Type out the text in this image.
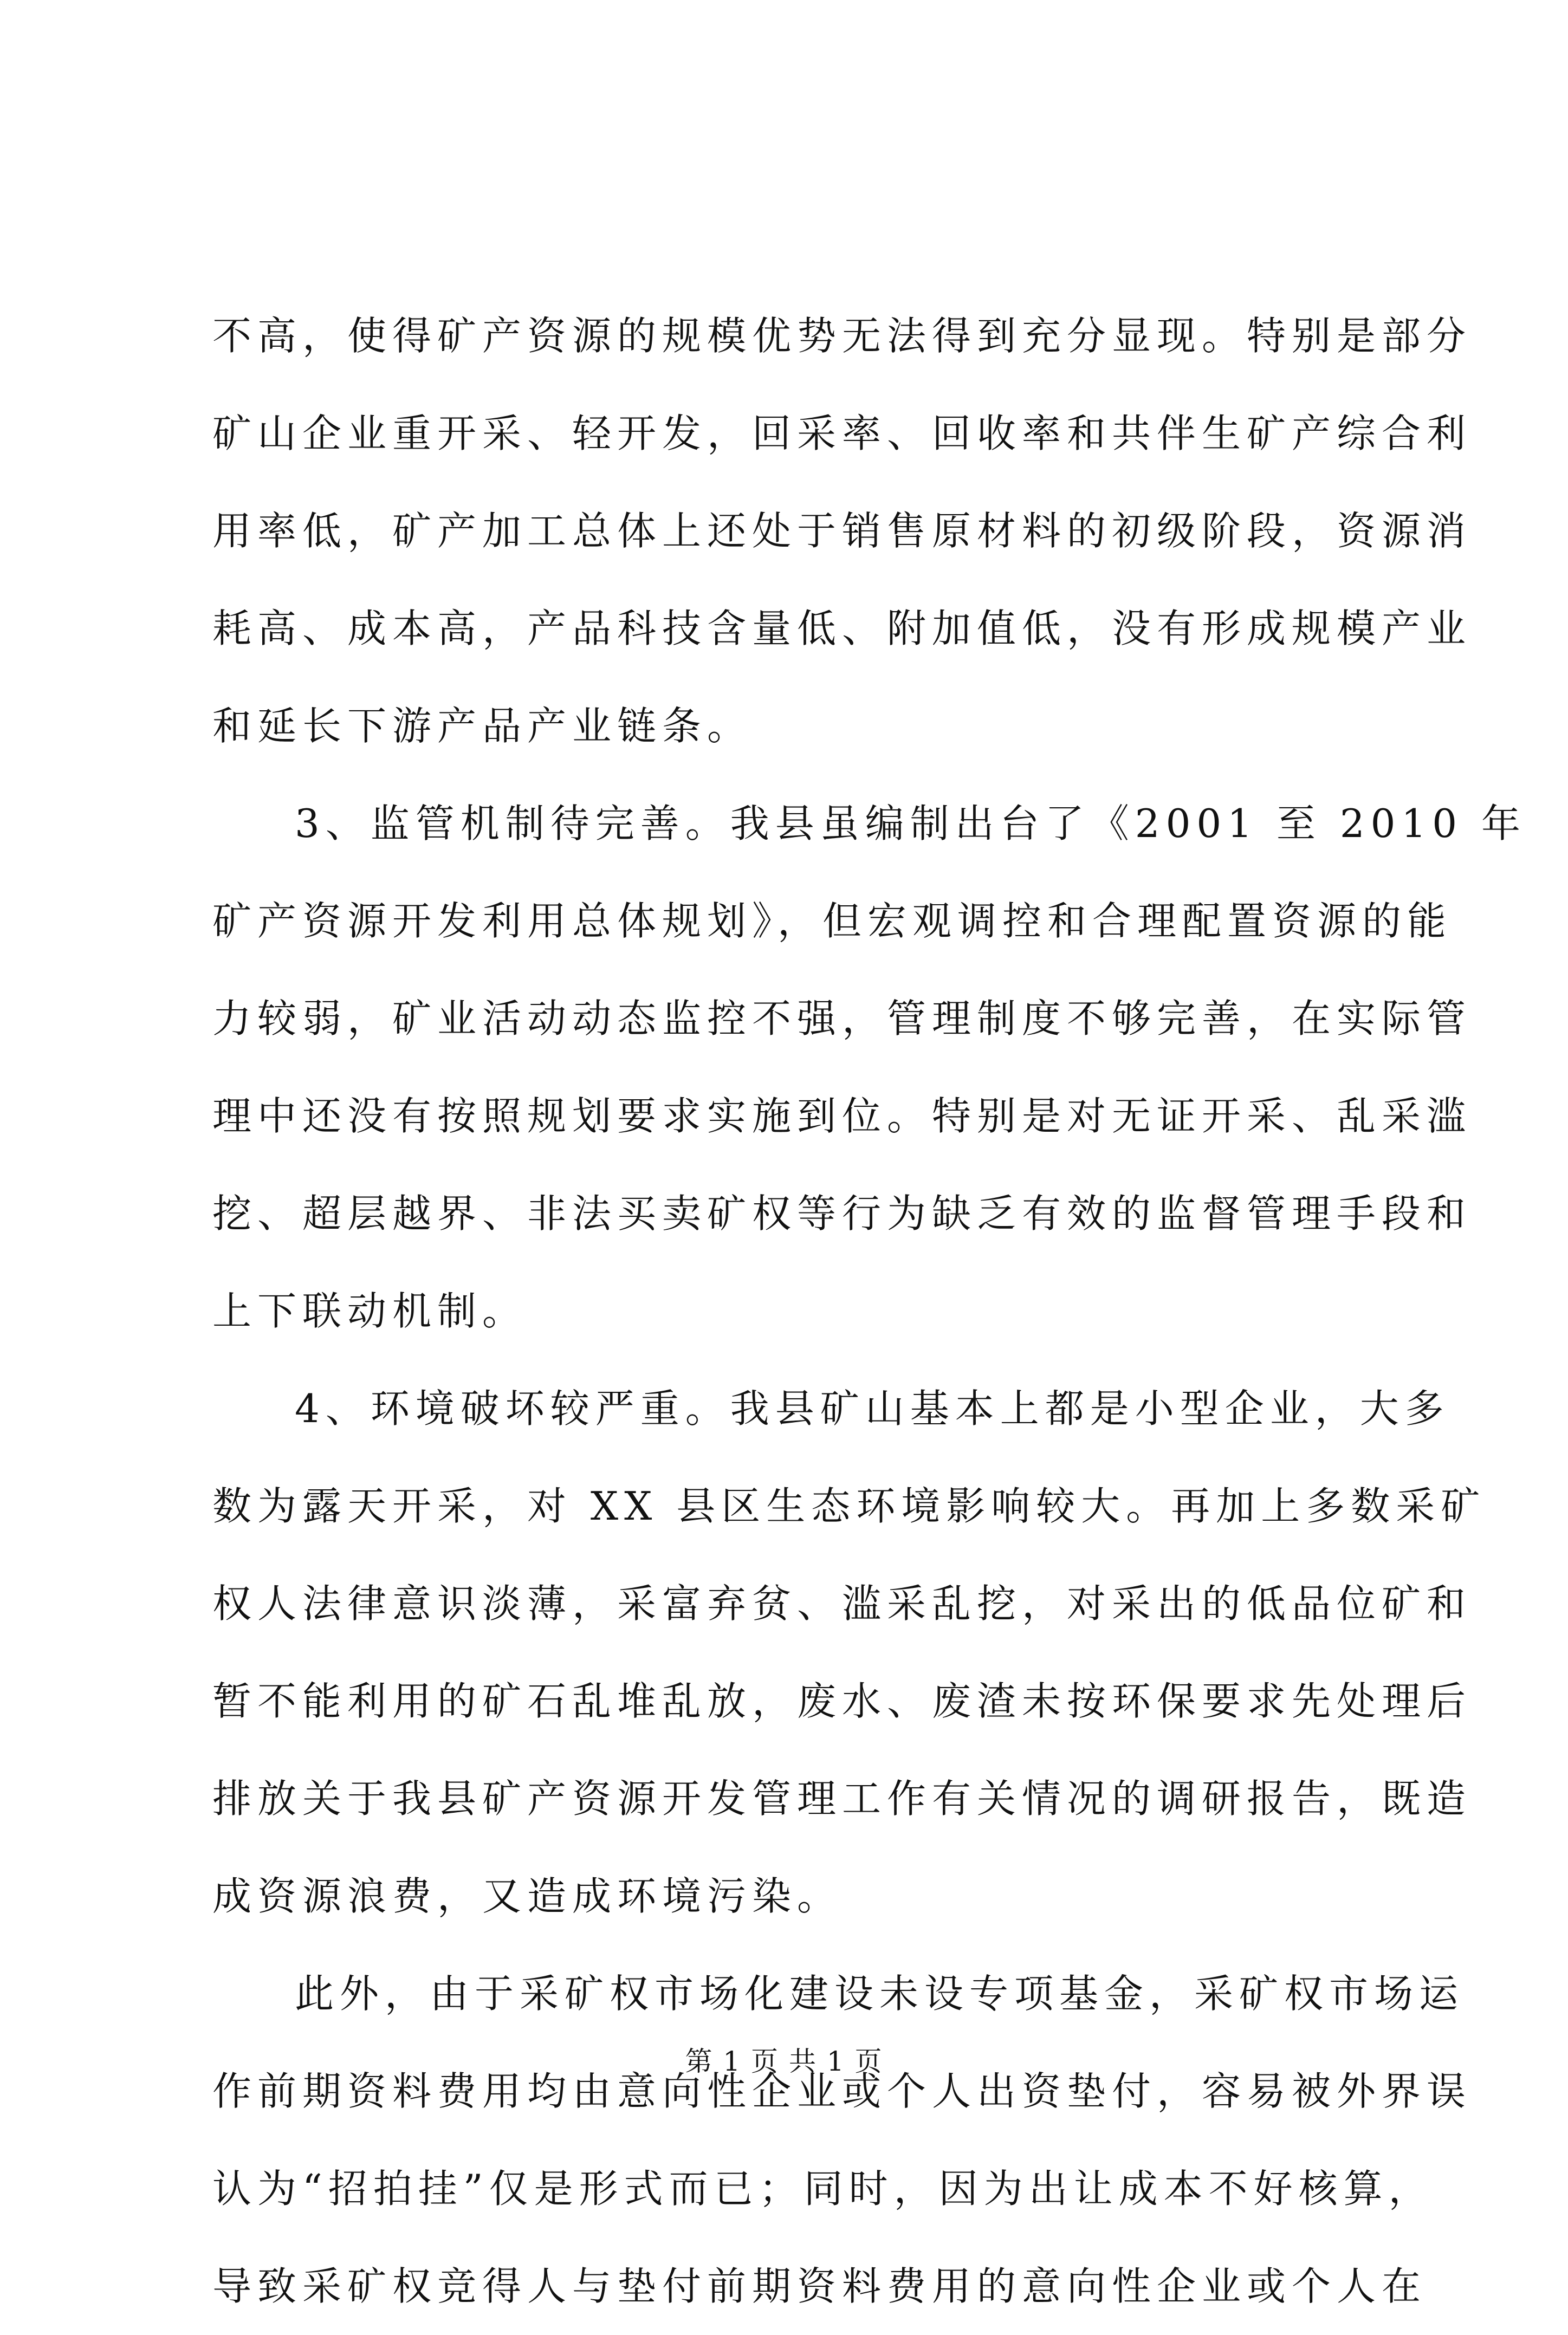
不高，使得矿产资源的规模优势无法得到充分显现。特别是部分
矿山企业重开采、轻开发，回采率、回收率和共伴生矿产综合利
用率低，矿产加工总体上还处于销售原材料的初级阶段，资源消
耗高、成本高，产品科技含量低、附加值低，没有形成规模产业
和延长下游产品产业链条。
3、监管机制待完善。我县虽编制出台了《2001 至 2010 年
矿产资源开发利用总体规划》，但宏观调控和合理配置资源的能
力较弱，矿业活动动态监控不强，管理制度不够完善，在实际管
理中还没有按照规划要求实施到位。特别是对无证开采、乱采滥
挖、超层越界、非法买卖矿权等行为缺乏有效的监督管理手段和
上下联动机制。
4、环境破坏较严重。我县矿山基本上都是小型企业，大多
数为露天开采，对 XX 县区生态环境影响较大。再加上多数采矿
权人法律意识淡薄，采富弃贫、滥采乱挖，对采出的低品位矿和
暂不能利用的矿石乱堆乱放，废水、废渣未按环保要求先处理后
排放关于我县矿产资源开发管理工作有关情况的调研报告，既造
成资源浪费，又造成环境污染。
此外，由于采矿权市场化建设未设专项基金，采矿权市场运
作前期资料费用均由意向性企业或个人出资垫付，容易被外界误
认为“招拍挂”仅是形式而已；同时，因为出让成本不好核算，
导致采矿权竞得人与垫付前期资料费用的意向性企业或个人在
第 1 页 共 1 页
